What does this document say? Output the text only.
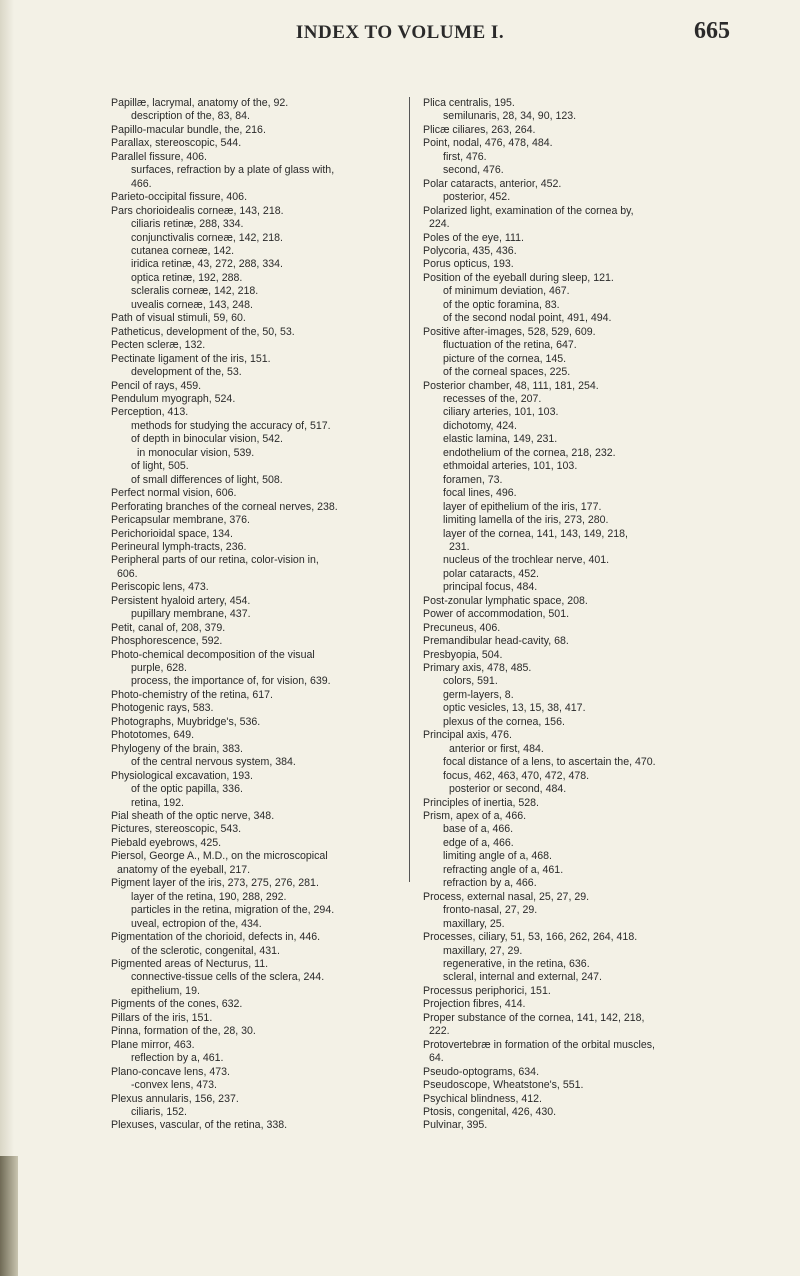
INDEX TO VOLUME I.	665
Papillæ, lacrymal, anatomy of the, 92.
description of the, 83, 84.
Papillo-macular bundle, the, 216.
Parallax, stereoscopic, 544.
Parallel fissure, 406.
surfaces, refraction by a plate of glass with,
466.
Parieto-occipital fissure, 406.
Pars chorioidealis corneæ, 143, 218.
ciliaris retinæ, 288, 334.
conjunctivalis corneæ, 142, 218.
cutanea corneæ, 142.
iridica retinæ, 43, 272, 288, 334.
optica retinæ, 192, 288.
scleralis corneæ, 142, 218.
uvealis corneæ, 143, 248.
Path of visual stimuli, 59, 60.
Patheticus, development of the, 50, 53.
Pecten scleræ, 132.
Pectinate ligament of the iris, 151.
development of the, 53.
Pencil of rays, 459.
Pendulum myograph, 524.
Perception, 413.
methods for studying the accuracy of, 517.
of depth in binocular vision, 542.
in monocular vision, 539.
of light, 505.
of small differences of light, 508.
Perfect normal vision, 606.
Perforating branches of the corneal nerves, 238.
Pericapsular membrane, 376.
Perichorioidal space, 134.
Perineural lymph-tracts, 236.
Peripheral parts of our retina, color-vision in,
606.
Periscopic lens, 473.
Persistent hyaloid artery, 454.
pupillary membrane, 437.
Petit, canal of, 208, 379.
Phosphorescence, 592.
Photo-chemical decomposition of the visual
purple, 628.
process, the importance of, for vision, 639.
Photo-chemistry of the retina, 617.
Photogenic rays, 583.
Photographs, Muybridge's, 536.
Phototomes, 649.
Phylogeny of the brain, 383.
of the central nervous system, 384.
Physiological excavation, 193.
of the optic papilla, 336.
retina, 192.
Pial sheath of the optic nerve, 348.
Pictures, stereoscopic, 543.
Piebald eyebrows, 425.
Piersol, George A., M.D., on the microscopical
anatomy of the eyeball, 217.
Pigment layer of the iris, 273, 275, 276, 281.
layer of the retina, 190, 288, 292.
particles in the retina, migration of the, 294.
uveal, ectropion of the, 434.
Pigmentation of the chorioid, defects in, 446.
of the sclerotic, congenital, 431.
Pigmented areas of Necturus, 11.
connective-tissue cells of the sclera, 244.
epithelium, 19.
Pigments of the cones, 632.
Pillars of the iris, 151.
Pinna, formation of the, 28, 30.
Plane mirror, 463.
reflection by a, 461.
Plano-concave lens, 473.
-convex lens, 473.
Plexus annularis, 156, 237.
ciliaris, 152.
Plexuses, vascular, of the retina, 338.
Plica centralis, 195.
semilunaris, 28, 34, 90, 123.
Plicæ ciliares, 263, 264.
Point, nodal, 476, 478, 484.
first, 476.
second, 476.
Polar cataracts, anterior, 452.
posterior, 452.
Polarized light, examination of the cornea by,
224.
Poles of the eye, 111.
Polycoria, 435, 436.
Porus opticus, 193.
Position of the eyeball during sleep, 121.
of minimum deviation, 467.
of the optic foramina, 83.
of the second nodal point, 491, 494.
Positive after-images, 528, 529, 609.
fluctuation of the retina, 647.
picture of the cornea, 145.
of the corneal spaces, 225.
Posterior chamber, 48, 111, 181, 254.
recesses of the, 207.
ciliary arteries, 101, 103.
dichotomy, 424.
elastic lamina, 149, 231.
endothelium of the cornea, 218, 232.
ethmoidal arteries, 101, 103.
foramen, 73.
focal lines, 496.
layer of epithelium of the iris, 177.
limiting lamella of the iris, 273, 280.
layer of the cornea, 141, 143, 149, 218,
231.
nucleus of the trochlear nerve, 401.
polar cataracts, 452.
principal focus, 484.
Post-zonular lymphatic space, 208.
Power of accommodation, 501.
Precuneus, 406.
Premandibular head-cavity, 68.
Presbyopia, 504.
Primary axis, 478, 485.
colors, 591.
germ-layers, 8.
optic vesicles, 13, 15, 38, 417.
plexus of the cornea, 156.
Principal axis, 476.
anterior or first, 484.
focal distance of a lens, to ascertain the, 470.
focus, 462, 463, 470, 472, 478.
posterior or second, 484.
Principles of inertia, 528.
Prism, apex of a, 466.
base of a, 466.
edge of a, 466.
limiting angle of a, 468.
refracting angle of a, 461.
refraction by a, 466.
Process, external nasal, 25, 27, 29.
fronto-nasal, 27, 29.
maxillary, 25.
Processes, ciliary, 51, 53, 166, 262, 264, 418.
maxillary, 27, 29.
regenerative, in the retina, 636.
scleral, internal and external, 247.
Processus periphorici, 151.
Projection fibres, 414.
Proper substance of the cornea, 141, 142, 218,
222.
Protovertebræ in formation of the orbital muscles,
64.
Pseudo-optograms, 634.
Pseudoscope, Wheatstone's, 551.
Psychical blindness, 412.
Ptosis, congenital, 426, 430.
Pulvinar, 395.
